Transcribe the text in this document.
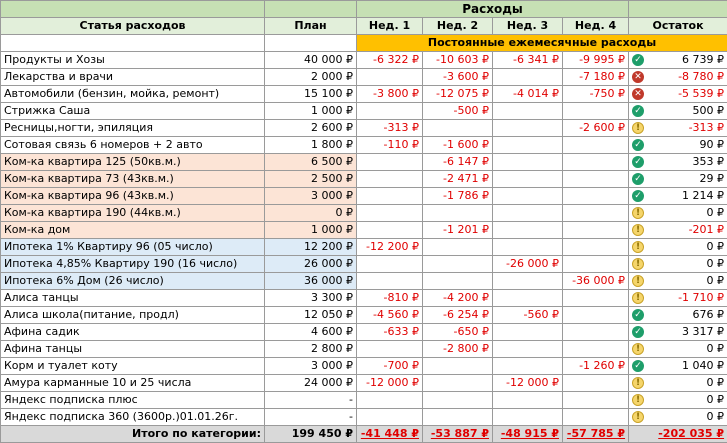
		Расходы				
Статья расходов	План	Нед. 1	Нед. 2	Нед. 3	Нед. 4	Остаток
		Постоянные ежемесячные расходы				
Продукты и Хозы	40 000 ₽	-6 322 ₽	-10 603 ₽	-6 341 ₽	-9 995 ₽	✓ 6 739 ₽

Лекарства и врачи	2 000 ₽		-3 600 ₽		-7 180 ₽	✕ -8 780 ₽

Автомобили (бензин, мойка, ремонт)	15 100 ₽	-3 800 ₽	-12 075 ₽	-4 014 ₽	-750 ₽	✕ -5 539 ₽

Стрижка Саша	1 000 ₽		-500 ₽			✓ 500 ₽

Ресницы,ногти, эпиляция	2 600 ₽	-313 ₽			-2 600 ₽	! -313 ₽

Сотовая связь 6 номеров + 2 авто	1 800 ₽	-110 ₽	-1 600 ₽			✓ 90 ₽

Ком-ка квартира 125 (50кв.м.)	6 500 ₽		-6 147 ₽			✓ 353 ₽

Ком-ка квартира 73 (43кв.м.)	2 500 ₽		-2 471 ₽			✓ 29 ₽

Ком-ка квартира 96 (43кв.м.)	3 000 ₽		-1 786 ₽			✓ 1 214 ₽

Ком-ка квартира 190 (44кв.м.)	0 ₽					! 0 ₽

Ком-ка дом	1 000 ₽		-1 201 ₽			! -201 ₽

Ипотека 1% Квартиру 96 (05 число)	12 200 ₽	-12 200 ₽				! 0 ₽

Ипотека 4,85% Квартиру 190 (16 число)	26 000 ₽			-26 000 ₽		! 0 ₽

Ипотека 6% Дом (26 число)	36 000 ₽				-36 000 ₽	! 0 ₽

Алиса танцы	3 300 ₽	-810 ₽	-4 200 ₽			! -1 710 ₽

Алиса школа(питание, продл)	12 050 ₽	-4 560 ₽	-6 254 ₽	-560 ₽		✓ 676 ₽

Афина садик	4 600 ₽	-633 ₽	-650 ₽			✓ 3 317 ₽

Афина танцы	2 800 ₽		-2 800 ₽			! 0 ₽

Корм и туалет коту	3 000 ₽	-700 ₽			-1 260 ₽	✓ 1 040 ₽

Амура карманные 10 и 25 числа	24 000 ₽	-12 000 ₽		-12 000 ₽		! 0 ₽

Яндекс подписка плюс	-					! 0 ₽

Яндекс подписка 360 (3600р.)01.01.26г.	-					! 0 ₽

Итого по категории:	199 450 ₽	-41 448 ₽	-53 887 ₽	-48 915 ₽	-57 785 ₽	-202 035 ₽
